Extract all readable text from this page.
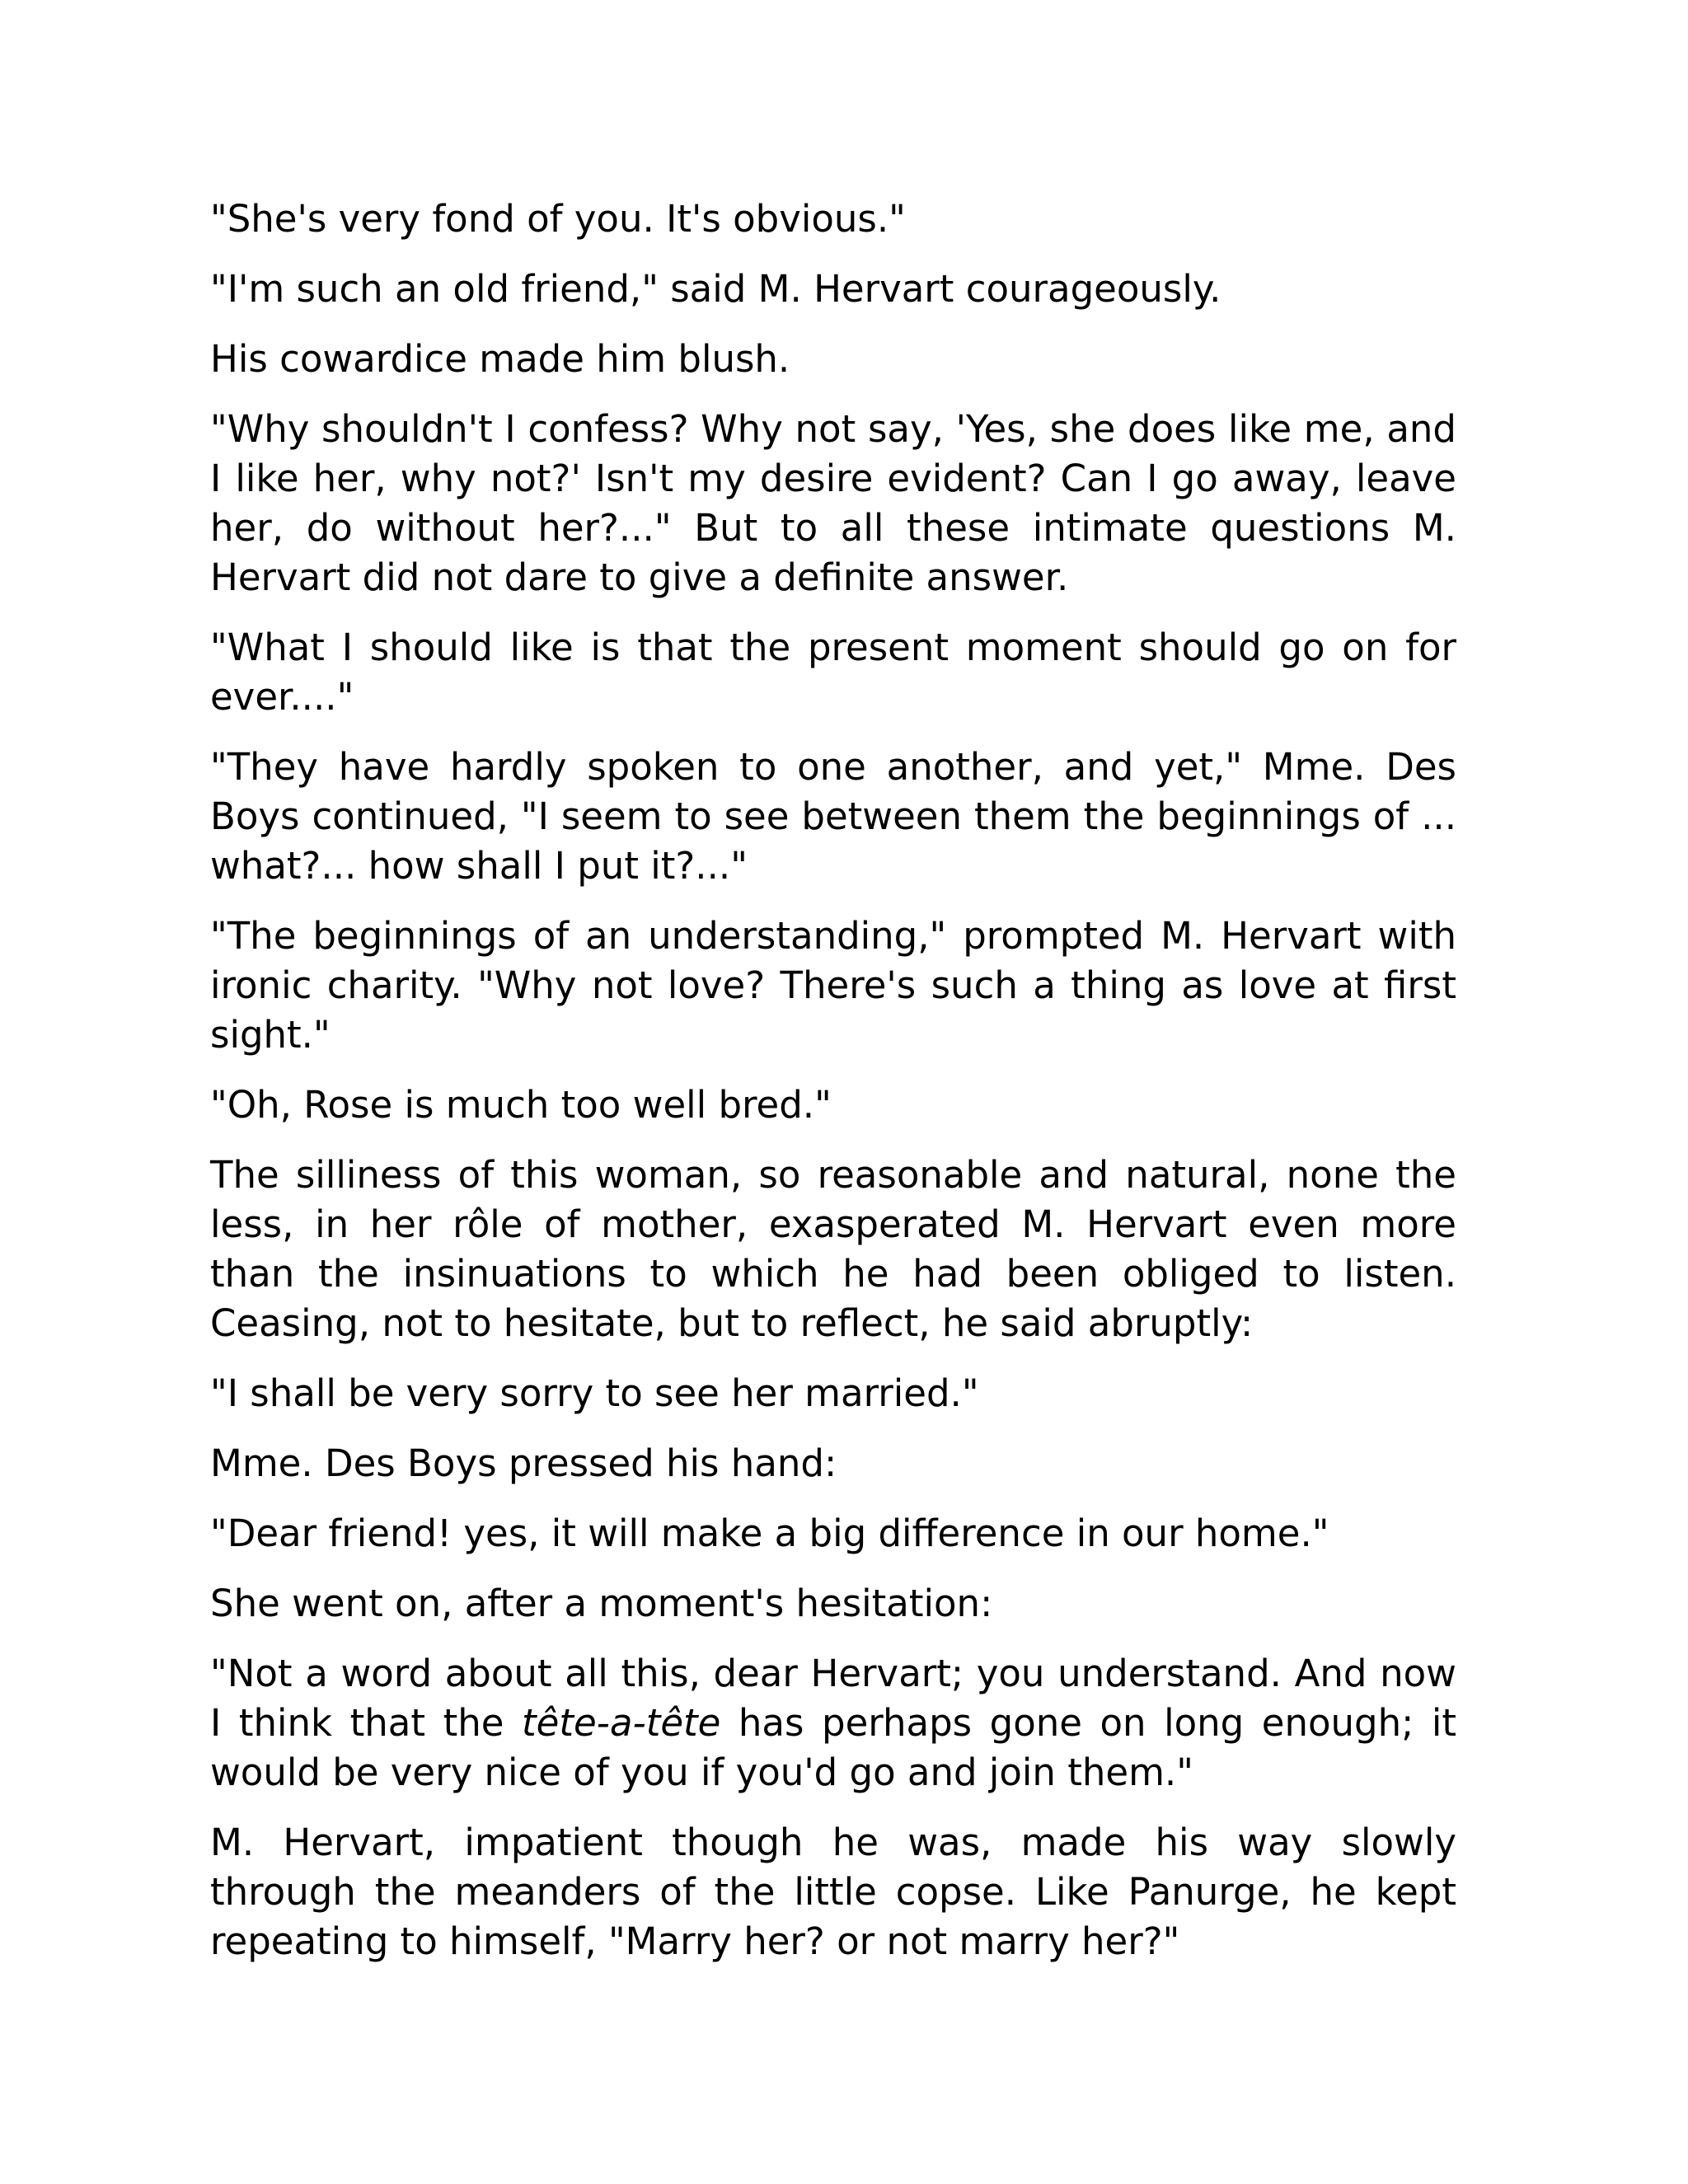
"She's very fond of you. It's obvious."

"I'm such an old friend," said M. Hervart courageously.

His cowardice made him blush.

"Why shouldn't I confess? Why not say, 'Yes, she does like me, and I like her, why not?' Isn't my desire evident? Can I go away, leave her, do without her?..." But to all these intimate questions M. Hervart did not dare to give a definite answer.

"What I should like is that the present moment should go on for ever...."

"They have hardly spoken to one another, and yet," Mme. Des Boys continued, "I seem to see between them the beginnings of ... what?... how shall I put it?..."

"The beginnings of an understanding," prompted M. Hervart with ironic charity. "Why not love? There's such a thing as love at first sight."

"Oh, Rose is much too well bred."

The silliness of this woman, so reasonable and natural, none the less, in her rôle of mother, exasperated M. Hervart even more than the insinuations to which he had been obliged to listen. Ceasing, not to hesitate, but to reflect, he said abruptly:

"I shall be very sorry to see her married."

Mme. Des Boys pressed his hand:

"Dear friend! yes, it will make a big difference in our home."

She went on, after a moment's hesitation:

"Not a word about all this, dear Hervart; you understand. And now I think that the tête-a-tête has perhaps gone on long enough; it would be very nice of you if you'd go and join them."

M. Hervart, impatient though he was, made his way slowly through the meanders of the little copse. Like Panurge, he kept repeating to himself, "Marry her? or not marry her?"
